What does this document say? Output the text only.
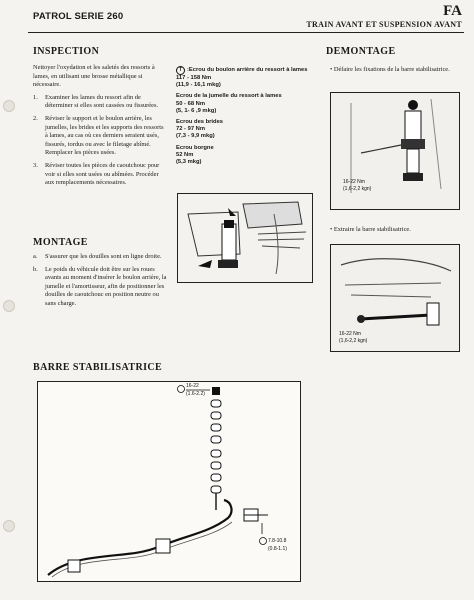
PATROL SERIE 260	FA
TRAIN AVANT ET SUSPENSION AVANT
INSPECTION

Nettoyer l'oxydation et les saletés des ressorts à lames, en utilisant une brosse métallique si nécessaire.

1. Examiner les lames du ressort afin de déterminer si elles sont cassées ou fissurées.
2. Réviser le support et le boulon arrière, les jumelles, les brides et les supports des ressorts à lames, au cas où ces derniers seraient usés, fissurés, tordus ou avec le filetage abîmé. Remplacer les pièces usées.
3. Réviser toutes les pièces de caoutchouc pour voir si elles sont usées ou abîmées. Procéder aux remplacements nécessaires.
T :Ecrou du boulon arrière du ressort à lames
117 - 158 Nm
(11,9 - 16,1 mkg)
Ecrou de la jumelle du ressort à lames
50 - 68 Nm
(5, 1- 6 ,9 mkg)
Ecrou des brides
72 - 97 Nm
(7,3 - 9,9 mkg)
Ecrou borgne
52 Nm
(5,3 mkg)
MONTAGE
a. S'assurer que les douilles sont en ligne droite.
b. Le poids du véhicule doit être sur les roues avants au moment d'insérer le boulon arrière, la jumelle et l'amortisseur, afin de positionner les douilles de caoutchouc en position neutre ou sans charge.
DEMONTAGE
• Défaire les fixations de la barre stabilisatrice.
16-22 Nm
(1,6-2,2 kgn)
• Extraire la barre stabilisatrice.
16-22 Nm
(1,6-2,2 kgn)
BARRE STABILISATRICE
16-22
(1.6-2.2)
7.8-10.8
(0.8-1.1)
